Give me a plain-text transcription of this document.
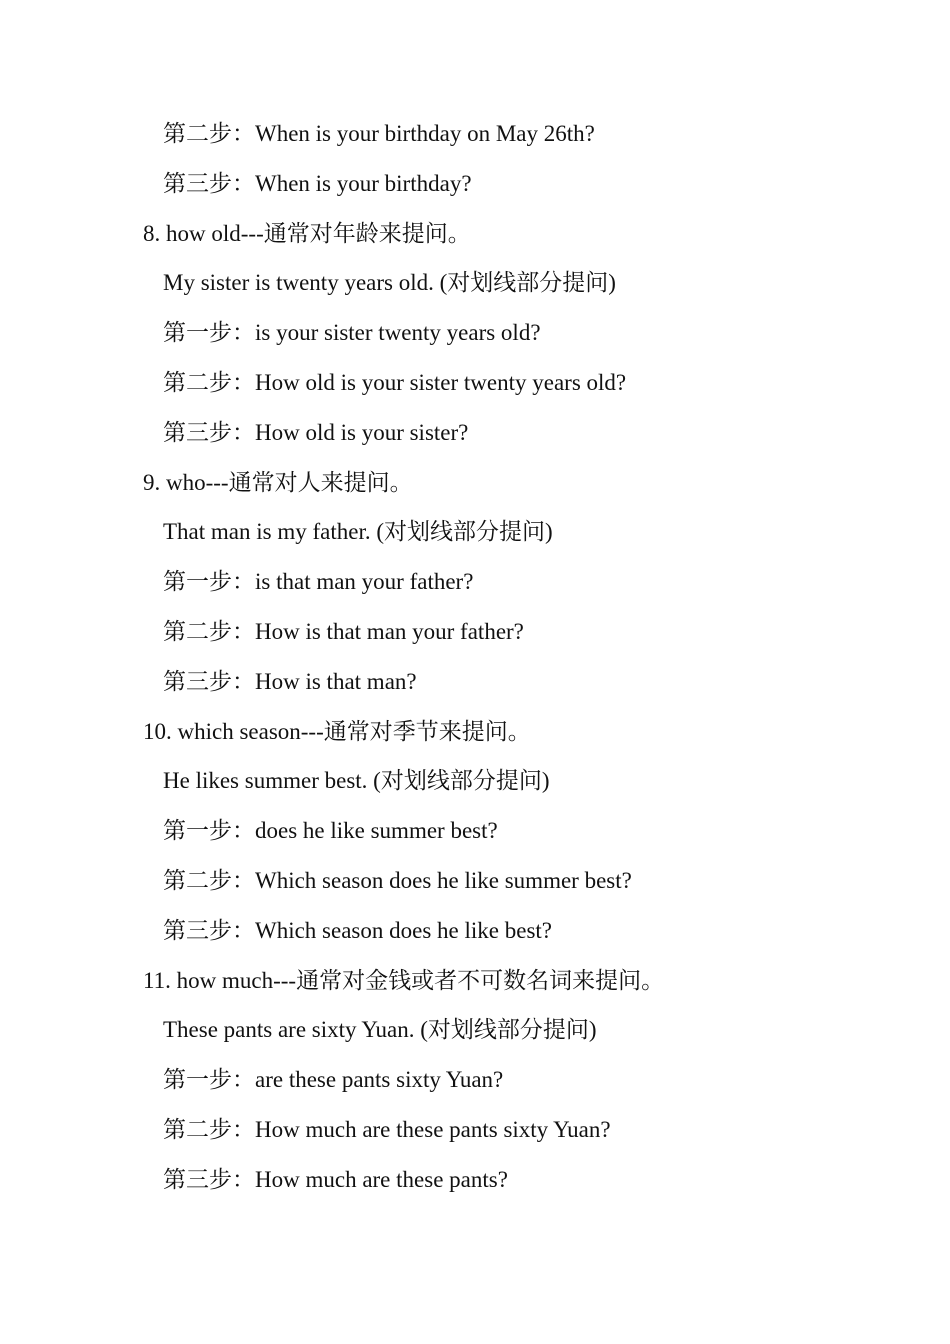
第二步：When is your birthday on May 26th?
第三步：When is your birthday?
8. how old---通常对年龄来提问。
My sister is twenty years old. (对划线部分提问)
第一步：is your sister twenty years old?
第二步：How old is your sister twenty years old?
第三步：How old is your sister?
9. who---通常对人来提问。
That man is my father. (对划线部分提问)
第一步：is that man your father?
第二步：How is that man your father?
第三步：How is that man?
10. which season---通常对季节来提问。
He likes summer best. (对划线部分提问)
第一步：does he like summer best?
第二步：Which season does he like summer best?
第三步：Which season does he like best?
11. how much---通常对金钱或者不可数名词来提问。
These pants are sixty Yuan. (对划线部分提问)
第一步：are these pants sixty Yuan?
第二步：How much are these pants sixty Yuan?
第三步：How much are these pants?
